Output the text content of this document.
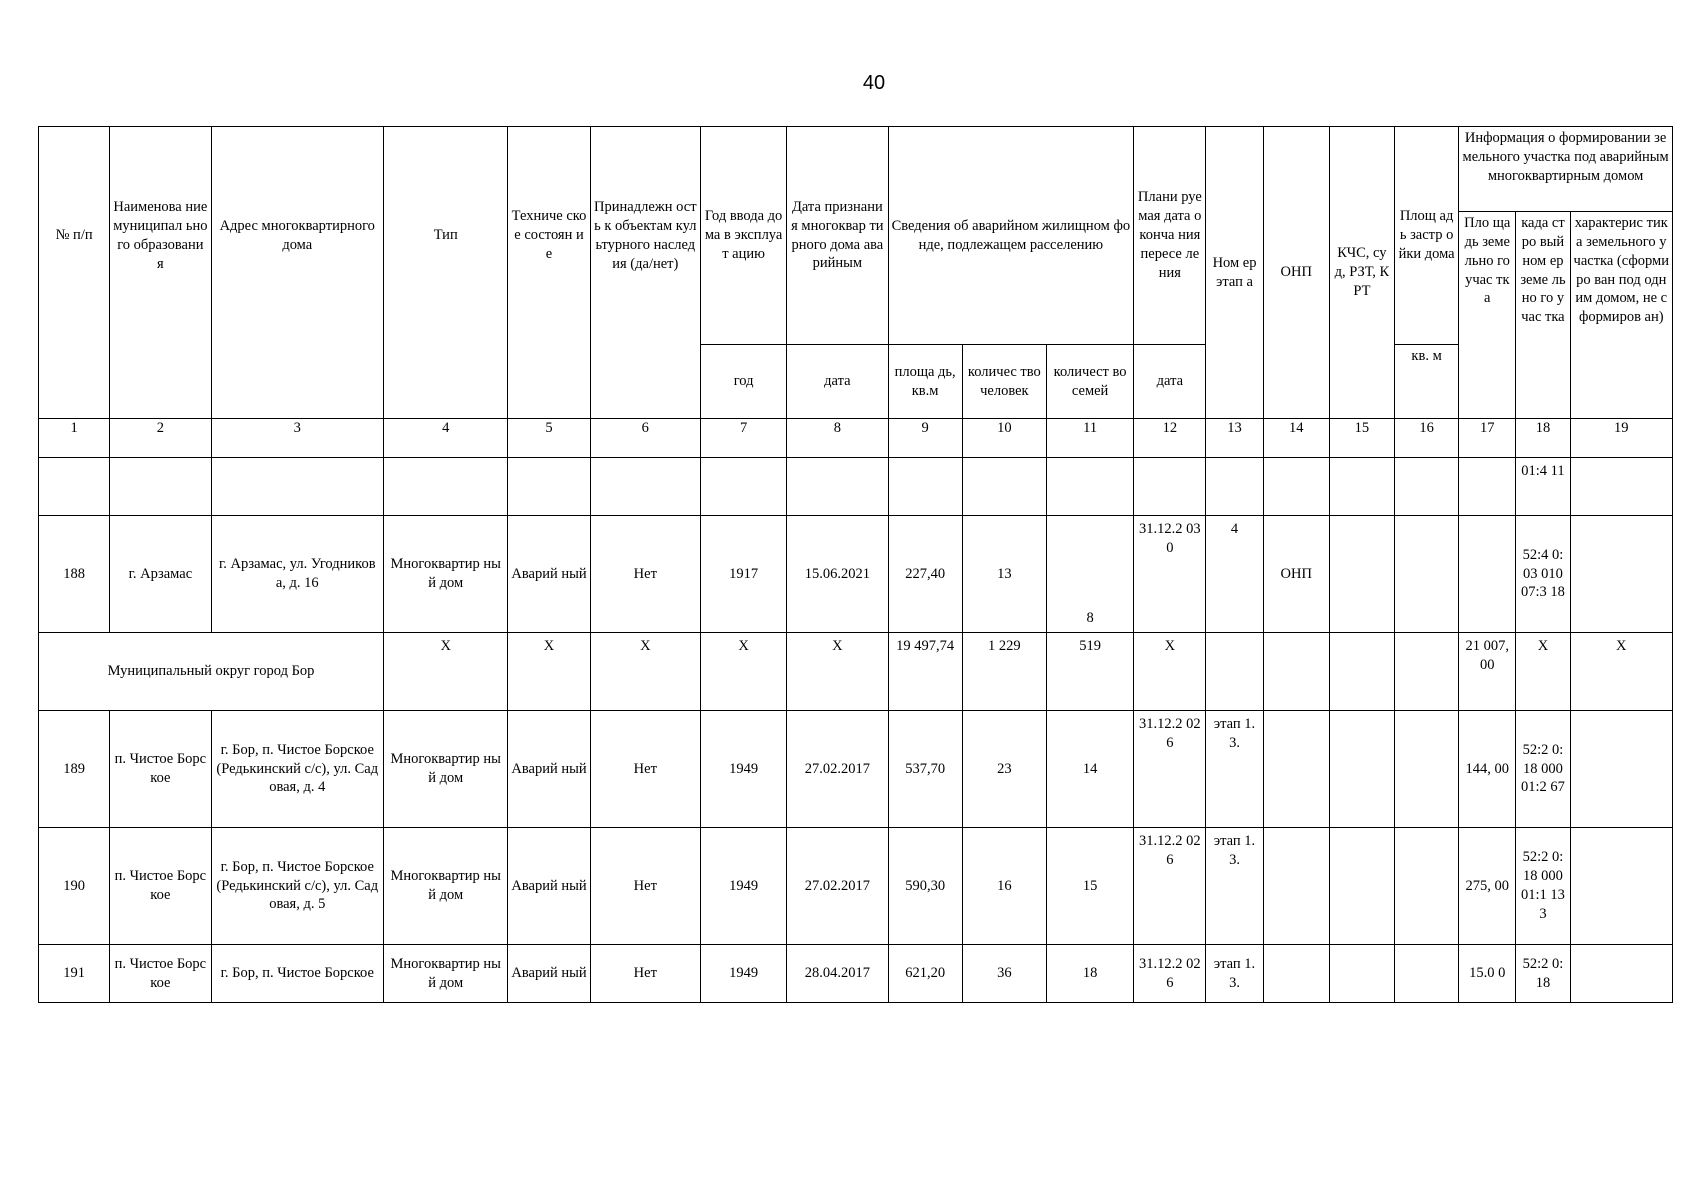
40
№ п/п	Наименова ние муниципал ьного образовани я	Адрес многоквартирного дома	Тип	Техниче ское состоян ие	Принадлежн ость к объектам культурного наследия (да/нет)	Год ввода дома в эксплуат ацию	Дата признания многоквар тирного дома аварийным	Сведения об аварийном жилищном фонде, подлежащем расселению			Плани руемая дата оконча ния пересе ления	Ном ер этап а	ОНП	КЧС, суд, РЗТ, КРТ	Площ адь застр ойки дома	Информация о формировании земельного участка под аварийным многоквартирным домом		
																Пло щадь земе льно го учас тка	када стро вый ном ер земе льно го учас тка	характерис тика земельного участка (сформиро ван под одним домом, не сформиров ан)
						год	дата	площа дь, кв.м	количес тво человек	количест во семей	дата				кв. м			
1	2	3	4	5	6	7	8	9	10	11	12	13	14	15	16	17	18	19
																	01:4 11	
188	г. Арзамас	г. Арзамас, ул. Угодникова, д. 16	Многоквартир ный дом	Аварий ный	Нет	1917	15.06.2021	227,40	13	8	31.12.2 030	4	ОНП				52:4 0:03 010 07:3 18	
Муниципальный округ город Бор			X	X	X	X	X	19 497,74	1 229	519	X					21 007, 00	X	X
189	п. Чистое Борское	г. Бор, п. Чистое Борское (Редькинский с/с), ул. Садовая, д. 4	Многоквартир ный дом	Аварий ный	Нет	1949	27.02.2017	537,70	23	14	31.12.2 026	этап 1.3.				144, 00	52:2 0:18 000 01:2 67	
190	п. Чистое Борское	г. Бор, п. Чистое Борское (Редькинский с/с), ул. Садовая, д. 5	Многоквартир ный дом	Аварий ный	Нет	1949	27.02.2017	590,30	16	15	31.12.2 026	этап 1.3.				275, 00	52:2 0:18 000 01:1 133	
191	п. Чистое Борское	г. Бор, п. Чистое Борское	Многоквартир ный дом	Аварий ный	Нет	1949	28.04.2017	621,20	36	18	31.12.2 026	этап 1.3.				15.0 0	52:2 0:18	
